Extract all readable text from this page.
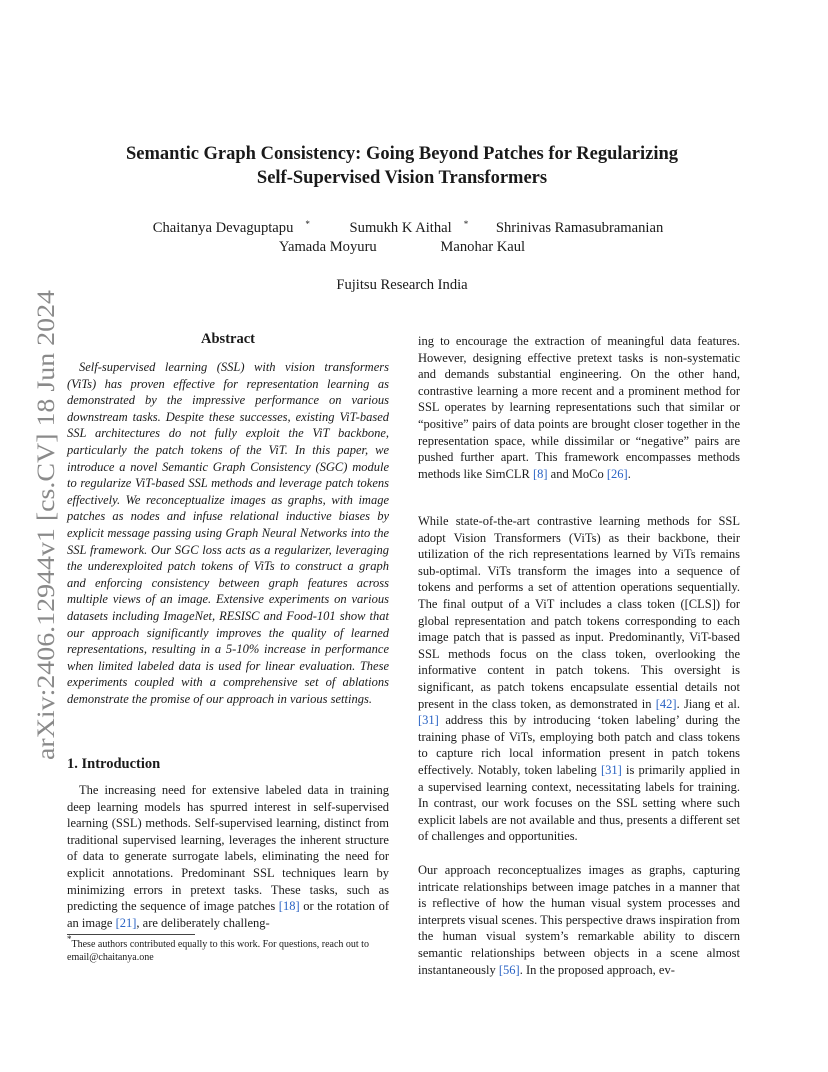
arXiv:2406.12944v1 [cs.CV] 18 Jun 2024
Semantic Graph Consistency: Going Beyond Patches for Regularizing
Self-Supervised Vision Transformers
Chaitanya Devaguptapu *	Sumukh K Aithal * Shrinivas Ramasubramanian
Yamada Moyuru	Manohar Kaul
Fujitsu Research India
Abstract

Self-supervised learning (SSL) with vision transformers (ViTs) has proven effective for representation learning as demonstrated by the impressive performance on various downstream tasks. Despite these successes, existing ViT-based SSL architectures do not fully exploit the ViT backbone, particularly the patch tokens of the ViT. In this paper, we introduce a novel Semantic Graph Consistency (SGC) module to regularize ViT-based SSL methods and leverage patch tokens effectively. We reconceptualize images as graphs, with image patches as nodes and infuse relational inductive biases by explicit message passing using Graph Neural Networks into the SSL framework. Our SGC loss acts as a regularizer, leveraging the underexploited patch tokens of ViTs to construct a graph and enforcing consistency between graph features across multiple views of an image. Extensive experiments on various datasets including ImageNet, RESISC and Food-101 show that our approach significantly improves the quality of learned representations, resulting in a 5-10% increase in performance when limited labeled data is used for linear evaluation. These experiments coupled with a comprehensive set of ablations demonstrate the promise of our approach in various settings.

1. Introduction

The increasing need for extensive labeled data in training deep learning models has spurred interest in self-supervised learning (SSL) methods. Self-supervised learning, distinct from traditional supervised learning, leverages the inherent structure of data to generate surrogate labels, eliminating the need for explicit annotations. Predominant SSL techniques learn by minimizing errors in pretext tasks. These tasks, such as predicting the sequence of image patches [18] or the rotation of an image [21], are deliberately challeng-

*These authors contributed equally to this work. For questions, reach out to email@chaitanya.one

ing to encourage the extraction of meaningful data features. However, designing effective pretext tasks is non-systematic and demands substantial engineering. On the other hand, contrastive learning a more recent and a prominent method for SSL operates by learning representations such that similar or “positive” pairs of data points are brought closer together in the representation space, while dissimilar or “negative” pairs are pushed further apart. This framework encompasses methods methods like SimCLR [8] and MoCo [26].

While state-of-the-art contrastive learning methods for SSL adopt Vision Transformers (ViTs) as their backbone, their utilization of the rich representations learned by ViTs remains sub-optimal. ViTs transform the images into a sequence of tokens and performs a set of attention operations sequentially. The final output of a ViT includes a class token ([CLS]) for global representation and patch tokens corresponding to each image patch that is passed as input. Predominantly, ViT-based SSL methods focus on the class token, overlooking the informative content in patch tokens. This oversight is significant, as patch tokens encapsulate essential details not present in the class token, as demonstrated in [42]. Jiang et al. [31] address this by introducing ‘token labeling’ during the training phase of ViTs, employing both patch and class tokens to capture rich local information present in patch tokens effectively. Notably, token labeling [31] is primarily applied in a supervised learning context, necessitating labels for training. In contrast, our work focuses on the SSL setting where such explicit labels are not available and thus, presents a different set of challenges and opportunities.

Our approach reconceptualizes images as graphs, capturing intricate relationships between image patches in a manner that is reflective of how the human visual system processes and interprets visual scenes. This perspective draws inspiration from the human visual system’s remarkable ability to discern semantic relationships between objects in a scene almost instantaneously [56]. In the proposed approach, ev-
